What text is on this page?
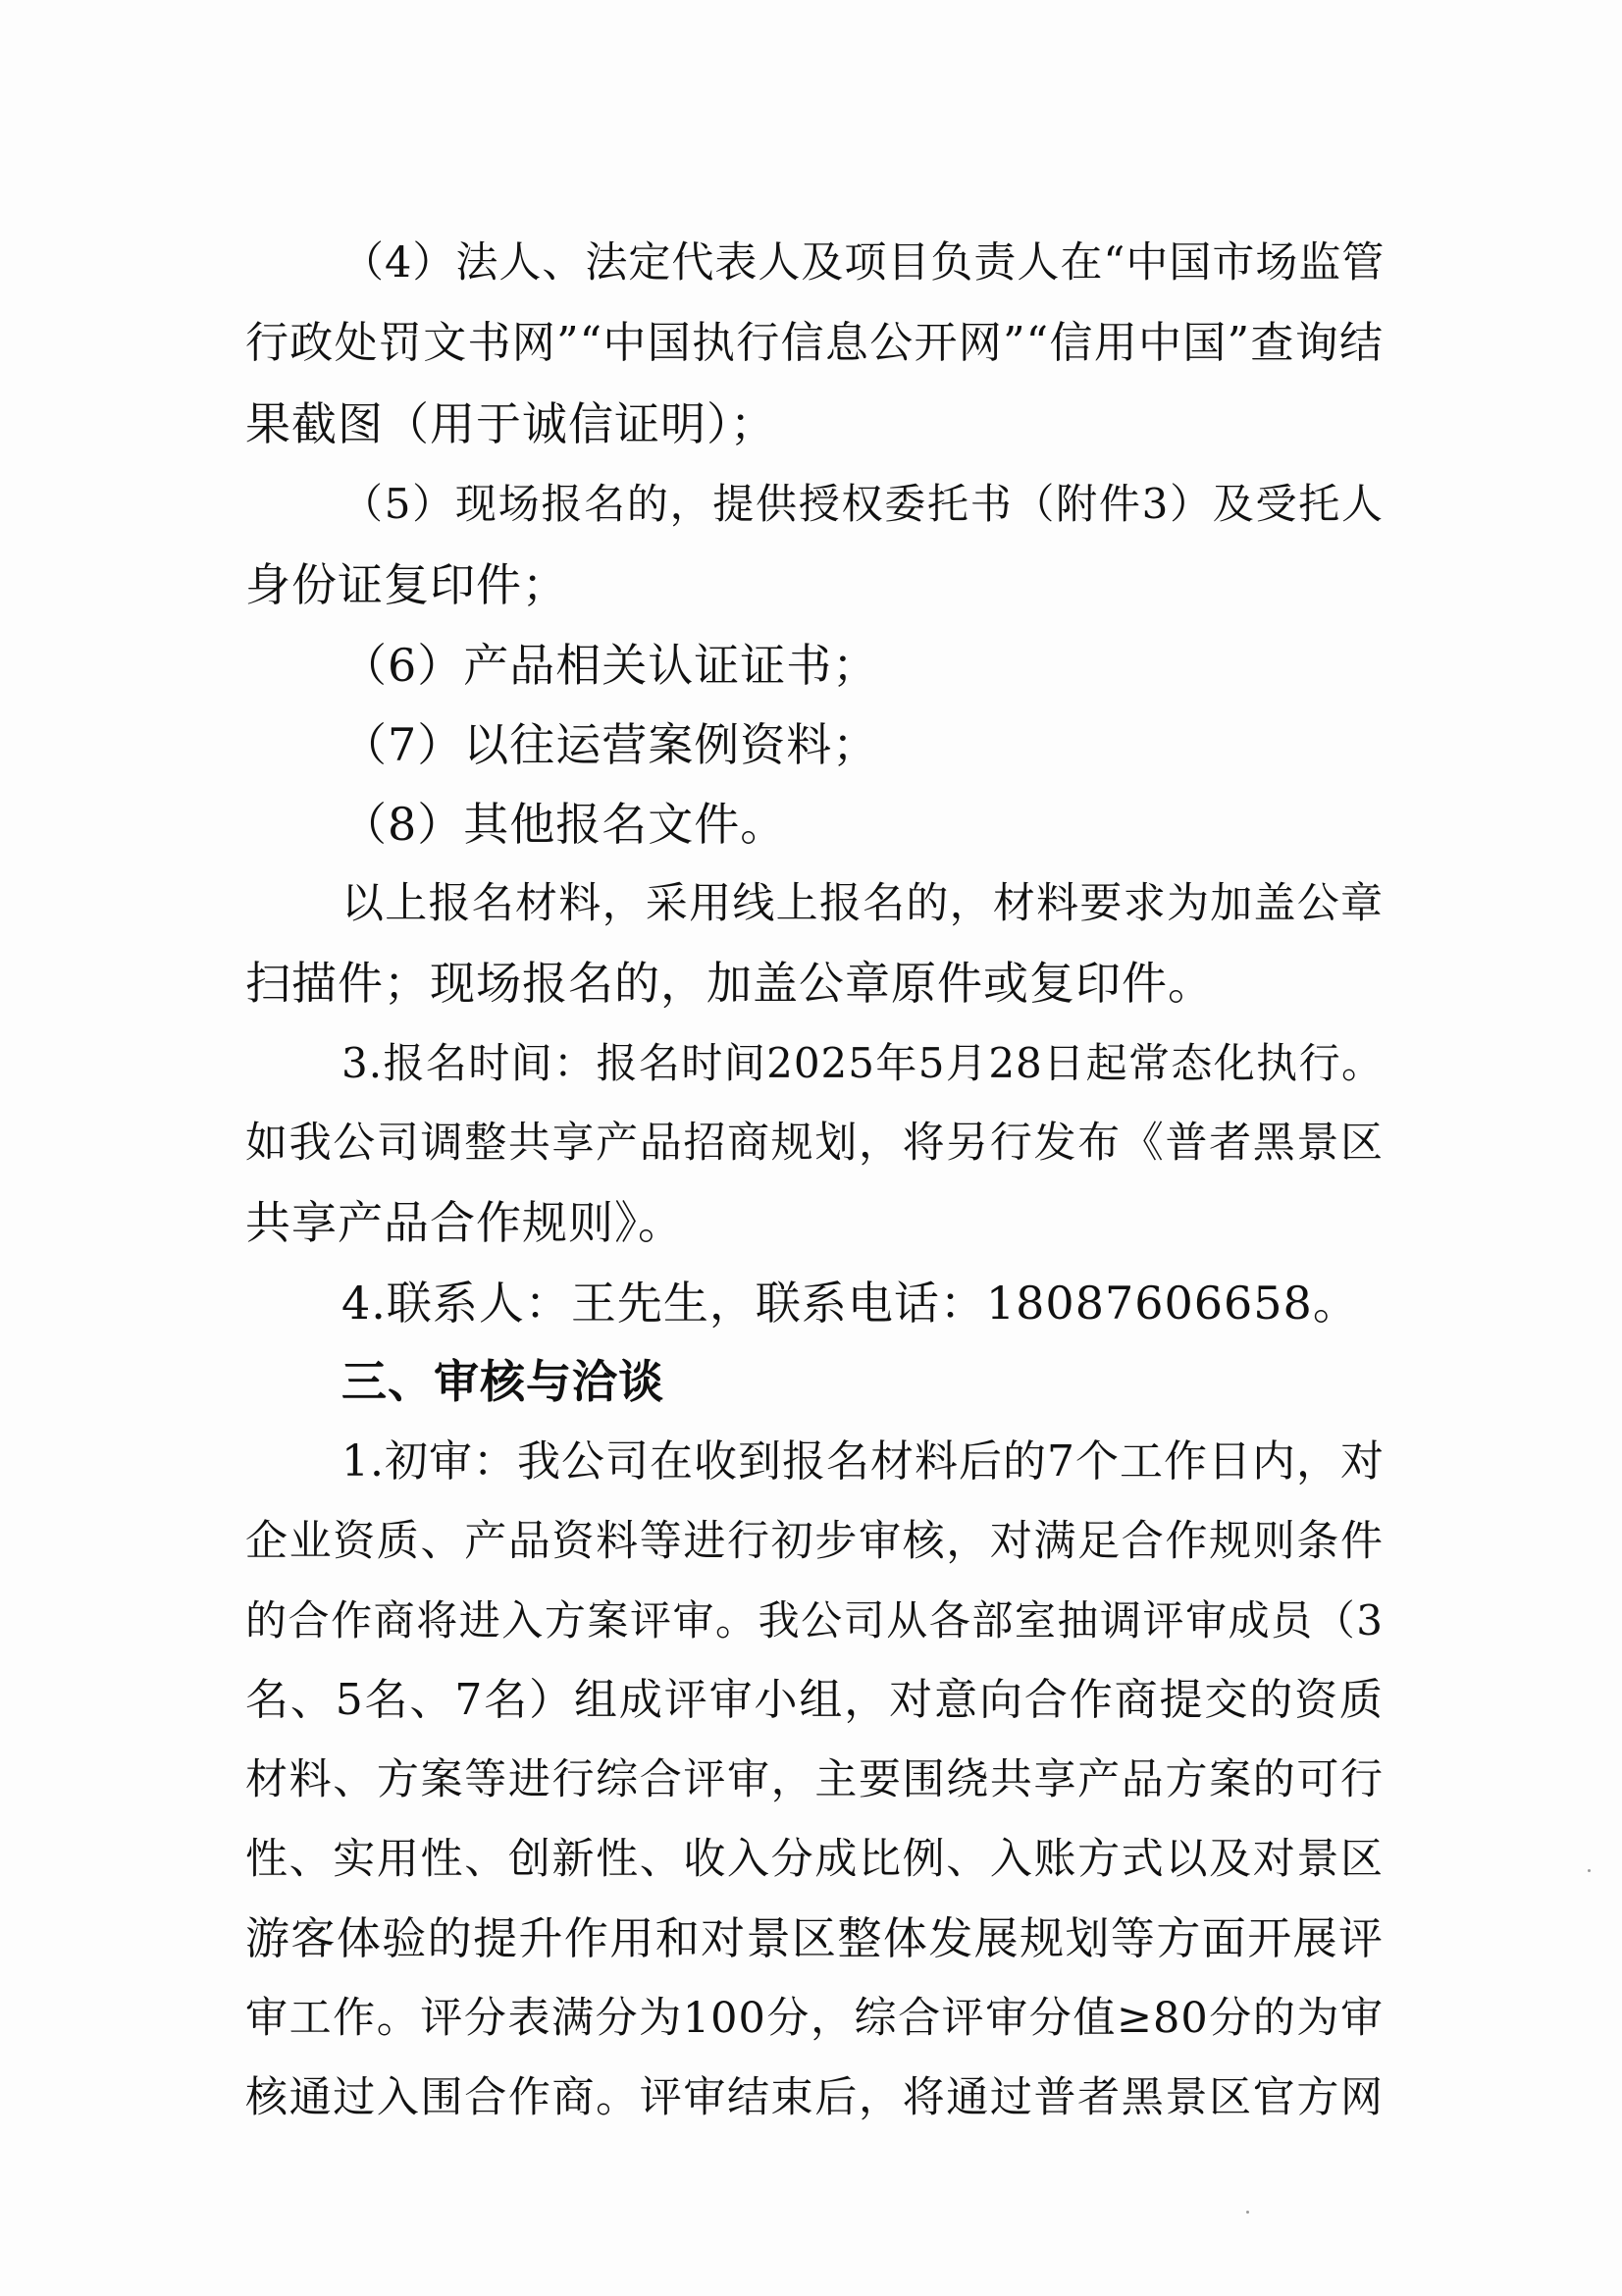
（4）法人、法定代表人及项目负责人在“中国市场监管
行政处罚文书网”“中国执行信息公开网”“信用中国”查询结
果截图（用于诚信证明）；
（5）现场报名的，提供授权委托书（附件3）及受托人
身份证复印件；
（6）产品相关认证证书；
（7）以往运营案例资料；
（8）其他报名文件。
以上报名材料，采用线上报名的，材料要求为加盖公章
扫描件；现场报名的，加盖公章原件或复印件。
3.报名时间：报名时间2025年5月28日起常态化执行。
如我公司调整共享产品招商规划，将另行发布《普者黑景区
共享产品合作规则》。
4.联系人：王先生，联系电话：18087606658。
三、审核与洽谈
1.初审：我公司在收到报名材料后的7个工作日内，对
企业资质、产品资料等进行初步审核，对满足合作规则条件
的合作商将进入方案评审。我公司从各部室抽调评审成员（3
名、5名、7名）组成评审小组，对意向合作商提交的资质
材料、方案等进行综合评审，主要围绕共享产品方案的可行
性、实用性、创新性、收入分成比例、入账方式以及对景区
游客体验的提升作用和对景区整体发展规划等方面开展评
审工作。评分表满分为100分，综合评审分值≥80分的为审
核通过入围合作商。评审结束后，将通过普者黑景区官方网
